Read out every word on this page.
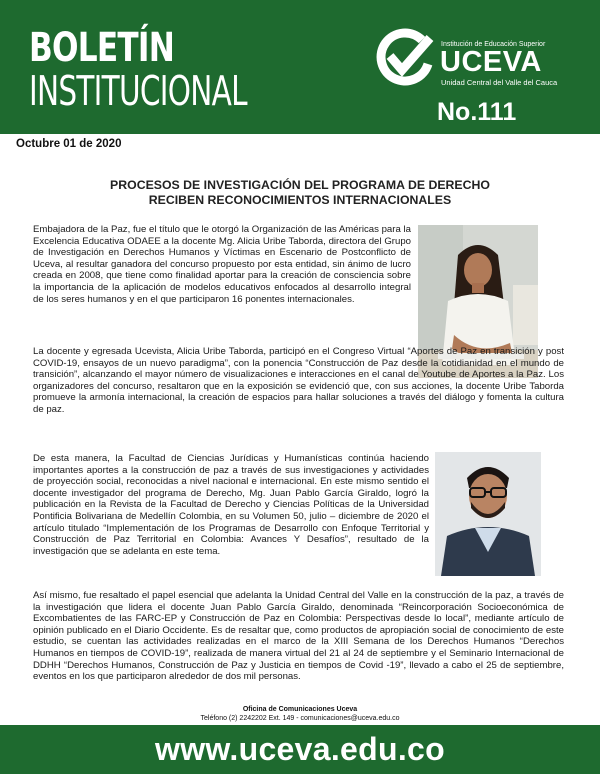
BOLETÍN
INSTITUCIONAL
Institución de Educación Superior
UCEVA
Unidad Central del Valle del Cauca
No.111
Octubre 01 de 2020
PROCESOS DE INVESTIGACIÓN DEL PROGRAMA DE DERECHO
RECIBEN RECONOCIMIENTOS INTERNACIONALES

Embajadora de la Paz, fue el título que le otorgó la Organización de las Américas para la Excelencia Educativa ODAEE a la docente Mg. Alicia Uribe Taborda, directora del Grupo de Investigación en Derechos Humanos y Víctimas en Escenario de Postconflicto de Uceva, al resultar ganadora del concurso propuesto por esta entidad, sin ánimo de lucro creada en 2008, que tiene como finalidad aportar para la creación de consciencia sobre la importancia de la aplicación de modelos educativos enfocados al desarrollo integral de los seres humanos y en el que participaron 16 ponentes internacionales.

La docente y egresada Ucevista, Alicia Uribe Taborda, participó en el Congreso Virtual “Aportes de Paz en transición y post COVID-19, ensayos de un nuevo paradigma”, con la ponencia “Construcción de Paz desde la cotidianidad en el mundo de transición”, alcanzando el mayor número de visualizaciones e interacciones en el canal de Youtube de Aportes a la Paz. Los organizadores del concurso, resaltaron que en la exposición se evidenció que, con sus acciones, la docente Uribe Taborda promueve la armonía internacional, la creación de espacios para hallar soluciones a través del diálogo y fomenta la cultura de paz.

De esta manera, la Facultad de Ciencias Jurídicas y Humanísticas continúa haciendo importantes aportes a la construcción de paz a través de sus investigaciones y actividades de proyección social, reconocidas a nivel nacional e internacional. En este mismo sentido el docente investigador del programa de Derecho, Mg. Juan Pablo García Giraldo, logró la publicación en la Revista de la Facultad de Derecho y Ciencias Políticas de la Universidad Pontificia Bolivariana de Medellín Colombia, en su Volumen 50, julio – diciembre de 2020 el artículo titulado “Implementación de los Programas de Desarrollo con Enfoque Territorial y Construcción de Paz Territorial en Colombia: Avances Y Desafíos”, resultado de la investigación que se adelanta en este tema.

Así mismo, fue resaltado el papel esencial que adelanta la Unidad Central del Valle en la construcción de la paz, a través de la investigación que lidera el docente Juan Pablo García Giraldo, denominada “Reincorporación Socioeconómica de Excombatientes de las FARC-EP y Construcción de Paz en Colombia: Perspectivas desde lo local”, mediante artículo de opinión publicado en el Diario Occidente. Es de resaltar que, como productos de apropiación social de conocimiento de este estudio, se cuentan las actividades realizadas en el marco de la XIII Semana de los Derechos Humanos “Derechos Humanos en tiempos de COVID-19”, realizada de manera virtual del 21 al 24 de septiembre y el Seminario Internacional de DDHH “Derechos Humanos, Construcción de Paz y Justicia en tiempos de Covid -19”, llevado a cabo el 25 de septiembre, eventos en los que participaron alrededor de dos mil personas.

Oficina de Comunicaciones Uceva
Teléfono (2) 2242202 Ext. 149 - comunicaciones@uceva.edu.co
www.uceva.edu.co
